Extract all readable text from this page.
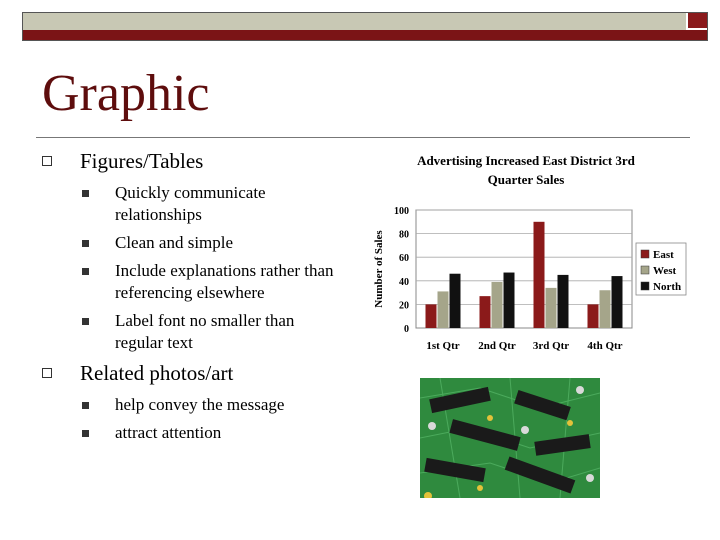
Graphic
Figures/Tables
Quickly communicate relationships
Clean and simple
Include explanations rather than referencing elsewhere
Label font no smaller than regular text
Related photos/art
help convey the message
attract attention
Advertising Increased East District 3rd
Quarter Sales
0
20
40
60
80
100
Number of Sales
1st Qtr 2nd Qtr 3rd Qtr 4th Qtr
East
West
North
